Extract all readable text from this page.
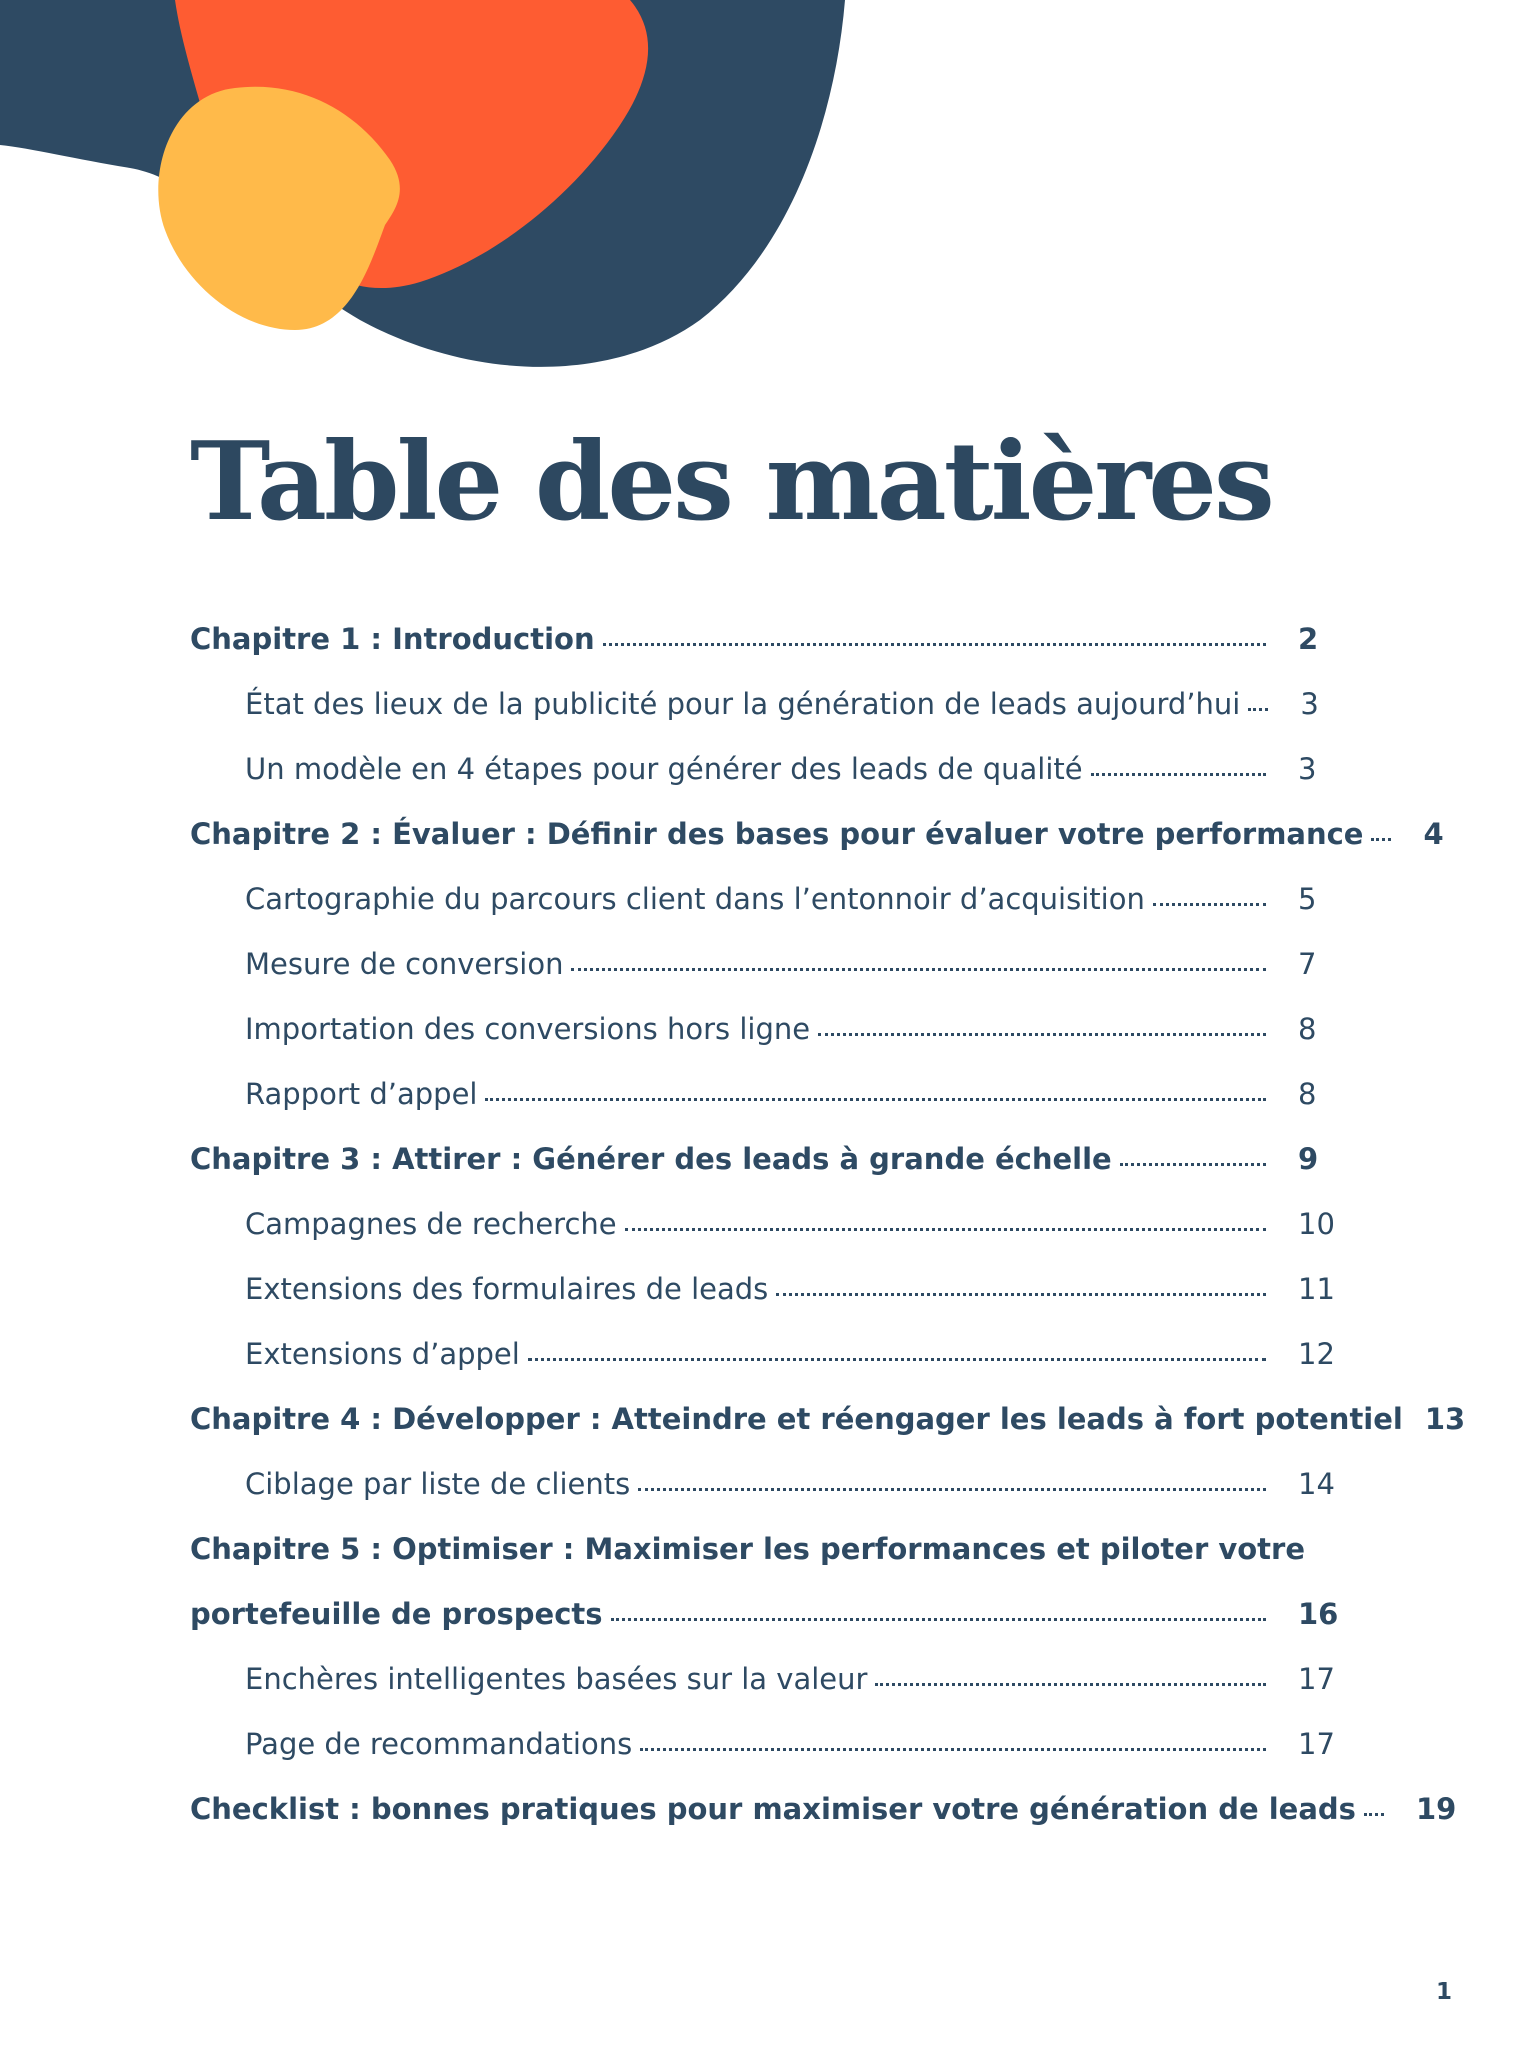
Table des matières
Chapitre 1 : Introduction	2
État des lieux de la publicité pour la génération de leads aujourd’hui	3
Un modèle en 4 étapes pour générer des leads de qualité	3
Chapitre 2 : Évaluer : Définir des bases pour évaluer votre performance	4
Cartographie du parcours client dans l’entonnoir d’acquisition	5
Mesure de conversion	7
Importation des conversions hors ligne	8
Rapport d’appel	8
Chapitre 3 : Attirer : Générer des leads à grande échelle	9
Campagnes de recherche	10
Extensions des formulaires de leads	11
Extensions d’appel	12
Chapitre 4 : Développer : Atteindre et réengager les leads à fort potentiel 13
Ciblage par liste de clients	14
Chapitre 5 : Optimiser : Maximiser les performances et piloter votre
portefeuille de prospects	16
Enchères intelligentes basées sur la valeur	17
Page de recommandations	17
Checklist : bonnes pratiques pour maximiser votre génération de leads	19
1
